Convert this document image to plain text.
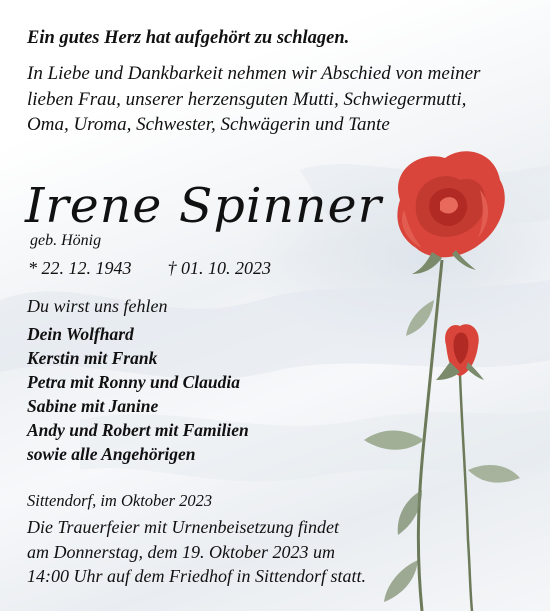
Ein gutes Herz hat aufgehört zu schlagen.
In Liebe und Dankbarkeit nehmen wir Abschied von meiner lieben Frau, unserer herzensguten Mutti, Schwiegermutti, Oma, Uroma, Schwester, Schwägerin und Tante
Irene Spinner
geb. Hönig
* 22. 12. 1943 † 01. 10. 2023
Du wirst uns fehlen
Dein Wolfhard
Kerstin mit Frank
Petra mit Ronny und Claudia
Sabine mit Janine
Andy und Robert mit Familien
sowie alle Angehörigen
Sittendorf, im Oktober 2023
Die Trauerfeier mit Urnenbeisetzung findet
am Donnerstag, dem 19. Oktober 2023 um
14:00 Uhr auf dem Friedhof in Sittendorf statt.
